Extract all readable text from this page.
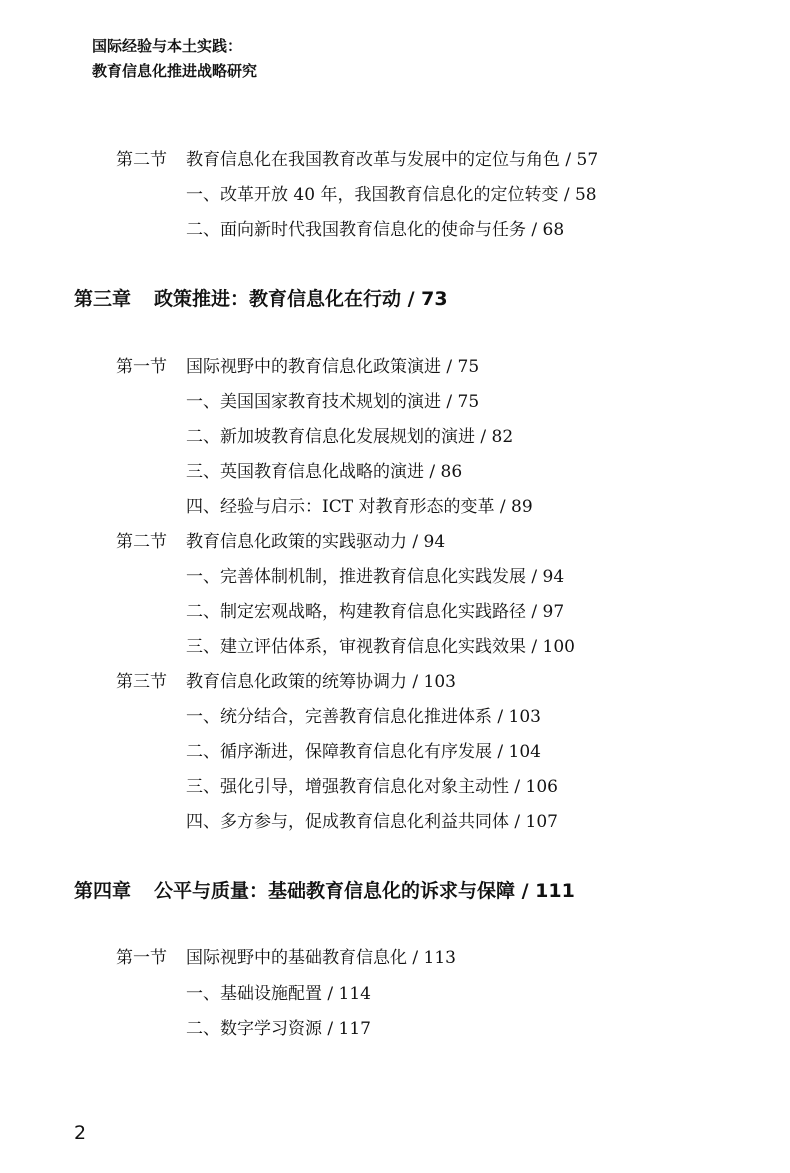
国际经验与本土实践：
教育信息化推进战略研究
第二节 教育信息化在我国教育改革与发展中的定位与角色 / 57
一、改革开放 40 年，我国教育信息化的定位转变 / 58
二、面向新时代我国教育信息化的使命与任务 / 68
第三章 政策推进：教育信息化在行动 / 73
第一节 国际视野中的教育信息化政策演进 / 75
一、美国国家教育技术规划的演进 / 75
二、新加坡教育信息化发展规划的演进 / 82
三、英国教育信息化战略的演进 / 86
四、经验与启示：ICT 对教育形态的变革 / 89
第二节 教育信息化政策的实践驱动力 / 94
一、完善体制机制，推进教育信息化实践发展 / 94
二、制定宏观战略，构建教育信息化实践路径 / 97
三、建立评估体系，审视教育信息化实践效果 / 100
第三节 教育信息化政策的统筹协调力 / 103
一、统分结合，完善教育信息化推进体系 / 103
二、循序渐进，保障教育信息化有序发展 / 104
三、强化引导，增强教育信息化对象主动性 / 106
四、多方参与，促成教育信息化利益共同体 / 107
第四章 公平与质量：基础教育信息化的诉求与保障 / 111
第一节 国际视野中的基础教育信息化 / 113
一、基础设施配置 / 114
二、数字学习资源 / 117
2
